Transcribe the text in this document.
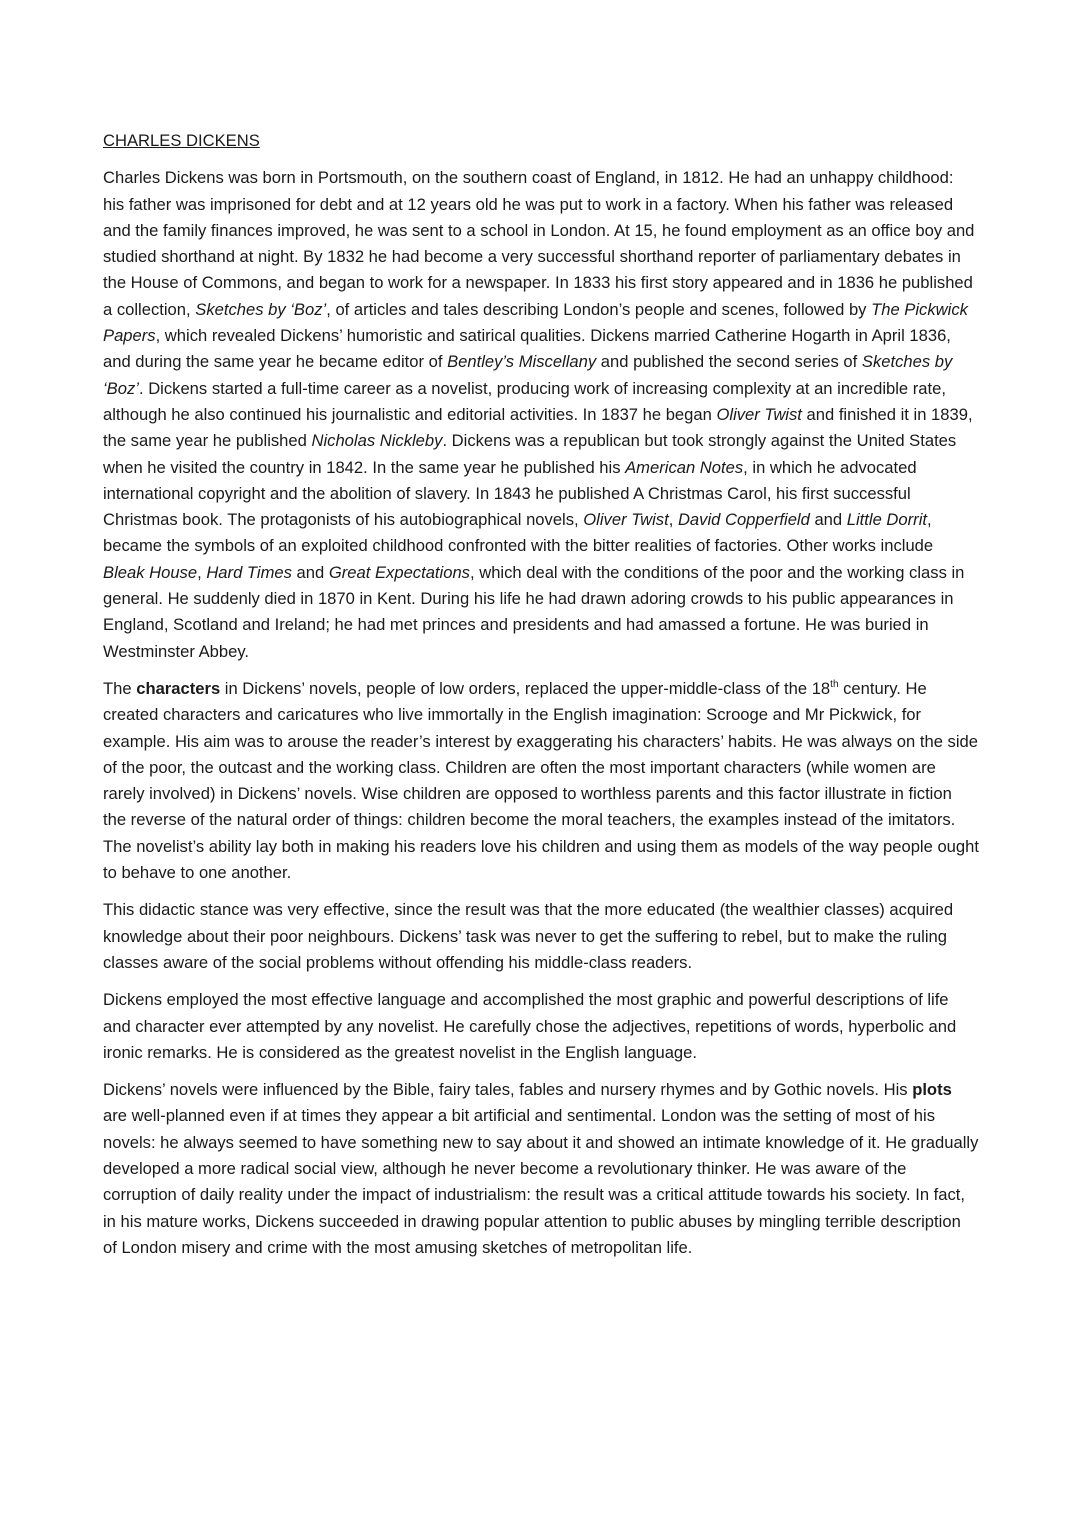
CHARLES DICKENS

Charles Dickens was born in Portsmouth, on the southern coast of England, in 1812. He had an unhappy childhood: his father was imprisoned for debt and at 12 years old he was put to work in a factory. When his father was released and the family finances improved, he was sent to a school in London. At 15, he found employment as an office boy and studied shorthand at night. By 1832 he had become a very successful shorthand reporter of parliamentary debates in the House of Commons, and began to work for a newspaper. In 1833 his first story appeared and in 1836 he published a collection, Sketches by ‘Boz’, of articles and tales describing London’s people and scenes, followed by The Pickwick Papers, which revealed Dickens’ humoristic and satirical qualities. Dickens married Catherine Hogarth in April 1836, and during the same year he became editor of Bentley’s Miscellany and published the second series of Sketches by ‘Boz’. Dickens started a full-time career as a novelist, producing work of increasing complexity at an incredible rate, although he also continued his journalistic and editorial activities. In 1837 he began Oliver Twist and finished it in 1839, the same year he published Nicholas Nickleby. Dickens was a republican but took strongly against the United States when he visited the country in 1842. In the same year he published his American Notes, in which he advocated international copyright and the abolition of slavery. In 1843 he published A Christmas Carol, his first successful Christmas book. The protagonists of his autobiographical novels, Oliver Twist, David Copperfield and Little Dorrit, became the symbols of an exploited childhood confronted with the bitter realities of factories. Other works include Bleak House, Hard Times and Great Expectations, which deal with the conditions of the poor and the working class in general. He suddenly died in 1870 in Kent. During his life he had drawn adoring crowds to his public appearances in England, Scotland and Ireland; he had met princes and presidents and had amassed a fortune. He was buried in Westminster Abbey.

The characters in Dickens’ novels, people of low orders, replaced the upper-middle-class of the 18th century. He created characters and caricatures who live immortally in the English imagination: Scrooge and Mr Pickwick, for example. His aim was to arouse the reader’s interest by exaggerating his characters’ habits. He was always on the side of the poor, the outcast and the working class. Children are often the most important characters (while women are rarely involved) in Dickens’ novels. Wise children are opposed to worthless parents and this factor illustrate in fiction the reverse of the natural order of things: children become the moral teachers, the examples instead of the imitators. The novelist’s ability lay both in making his readers love his children and using them as models of the way people ought to behave to one another.

This didactic stance was very effective, since the result was that the more educated (the wealthier classes) acquired knowledge about their poor neighbours. Dickens’ task was never to get the suffering to rebel, but to make the ruling classes aware of the social problems without offending his middle-class readers.

Dickens employed the most effective language and accomplished the most graphic and powerful descriptions of life and character ever attempted by any novelist. He carefully chose the adjectives, repetitions of words, hyperbolic and ironic remarks. He is considered as the greatest novelist in the English language.

Dickens’ novels were influenced by the Bible, fairy tales, fables and nursery rhymes and by Gothic novels. His plots are well-planned even if at times they appear a bit artificial and sentimental. London was the setting of most of his novels: he always seemed to have something new to say about it and showed an intimate knowledge of it. He gradually developed a more radical social view, although he never become a revolutionary thinker. He was aware of the corruption of daily reality under the impact of industrialism: the result was a critical attitude towards his society. In fact, in his mature works, Dickens succeeded in drawing popular attention to public abuses by mingling terrible description of London misery and crime with the most amusing sketches of metropolitan life.
